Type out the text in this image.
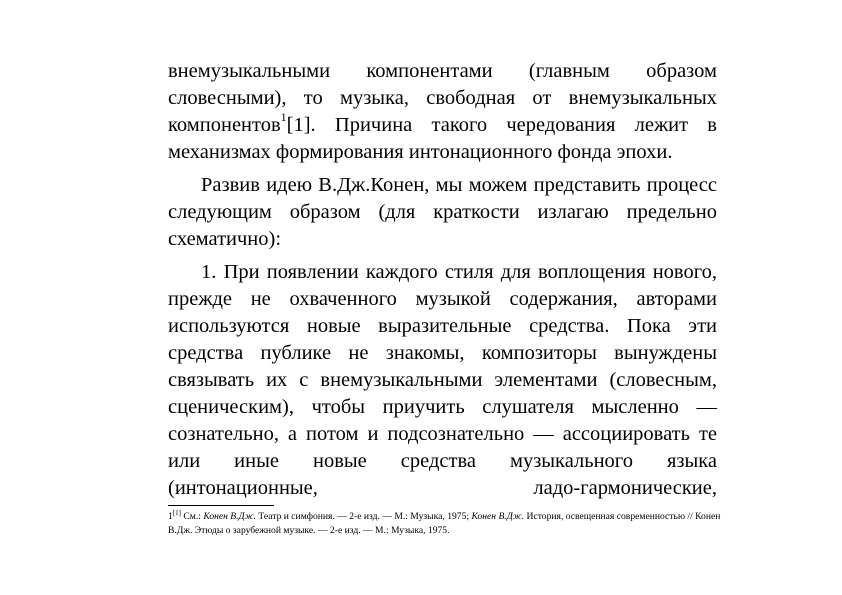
внемузыкальными компонентами (главным образом словесными), то музыка, свободная от внемузыкальных компонентов$^1$[1]. Причина такого чередования лежит в механизмах формирования интонационного фонда эпохи.

Развив идею В.Дж.Конен, мы можем представить процесс следующим образом (для краткости излагаю предельно схематично):

1. При появлении каждого стиля для воплощения нового, прежде не охваченного музыкой содержания, авторами используются новые выразительные средства. Пока эти средства публике не знакомы, композиторы вынуждены связывать их с внемузыкальными элементами (словесным, сценическим), чтобы приучить слушателя мысленно — сознательно, а потом и подсознательно — ассоциировать те или иные новые средства музыкального языка (интонационные, ладо-гармонические,

1[1] См.: Конен В.Дж. Театр и симфония. — 2-е изд. — М.: Музыка, 1975; Конен В.Дж. История, освещенная современностью // Конен В.Дж. Этюды о зарубежной музыке. — 2-е изд. — М.: Музыка, 1975.
